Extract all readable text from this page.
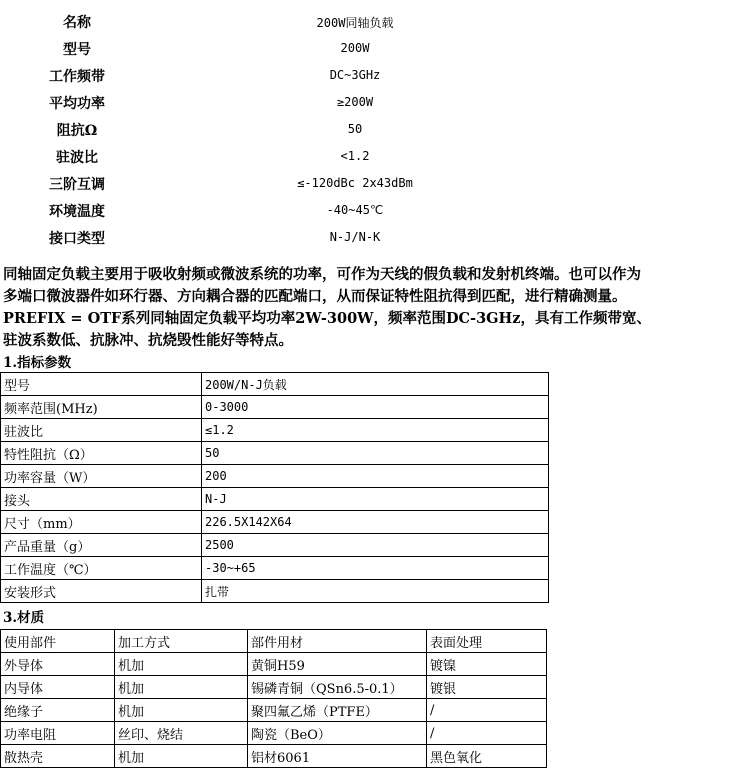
名称	200W同轴负载
型号	200W
工作频带	DC~3GHz
平均功率	≥200W
阻抗Ω	50
驻波比	<1.2
三阶互调	≤-120dBc 2x43dBm
环境温度	-40~45℃
接口类型	N-J/N-K
同轴固定负载主要用于吸收射频或微波系统的功率，可作为天线的假负载和发射机终端。也可以作为多端口微波器件如环行器、方向耦合器的匹配端口，从而保证特性阻抗得到匹配，进行精确测量。PREFIX = OTF系列同轴固定负载平均功率2W-300W，频率范围DC-3GHz，具有工作频带宽、驻波系数低、抗脉冲、抗烧毁性能好等特点。
1.指标参数
型号	200W/N-J负载
频率范围(MHz)	0-3000
驻波比	≤1.2
特性阻抗（Ω）	50
功率容量（W）	200
接头	N-J
尺寸（mm）	226.5X142X64
产品重量（g）	2500
工作温度（℃）	-30~+65
安装形式	扎带
3.材质
使用部件	加工方式	部件用材	表面处理
外导体	机加	黄铜H59	镀镍
内导体	机加	锡磷青铜（QSn6.5-0.1）	镀银
绝缘子	机加	聚四氟乙烯（PTFE）	/
功率电阻	丝印、烧结	陶瓷（BeO）	/
散热壳	机加	铝材6061	黑色氧化
